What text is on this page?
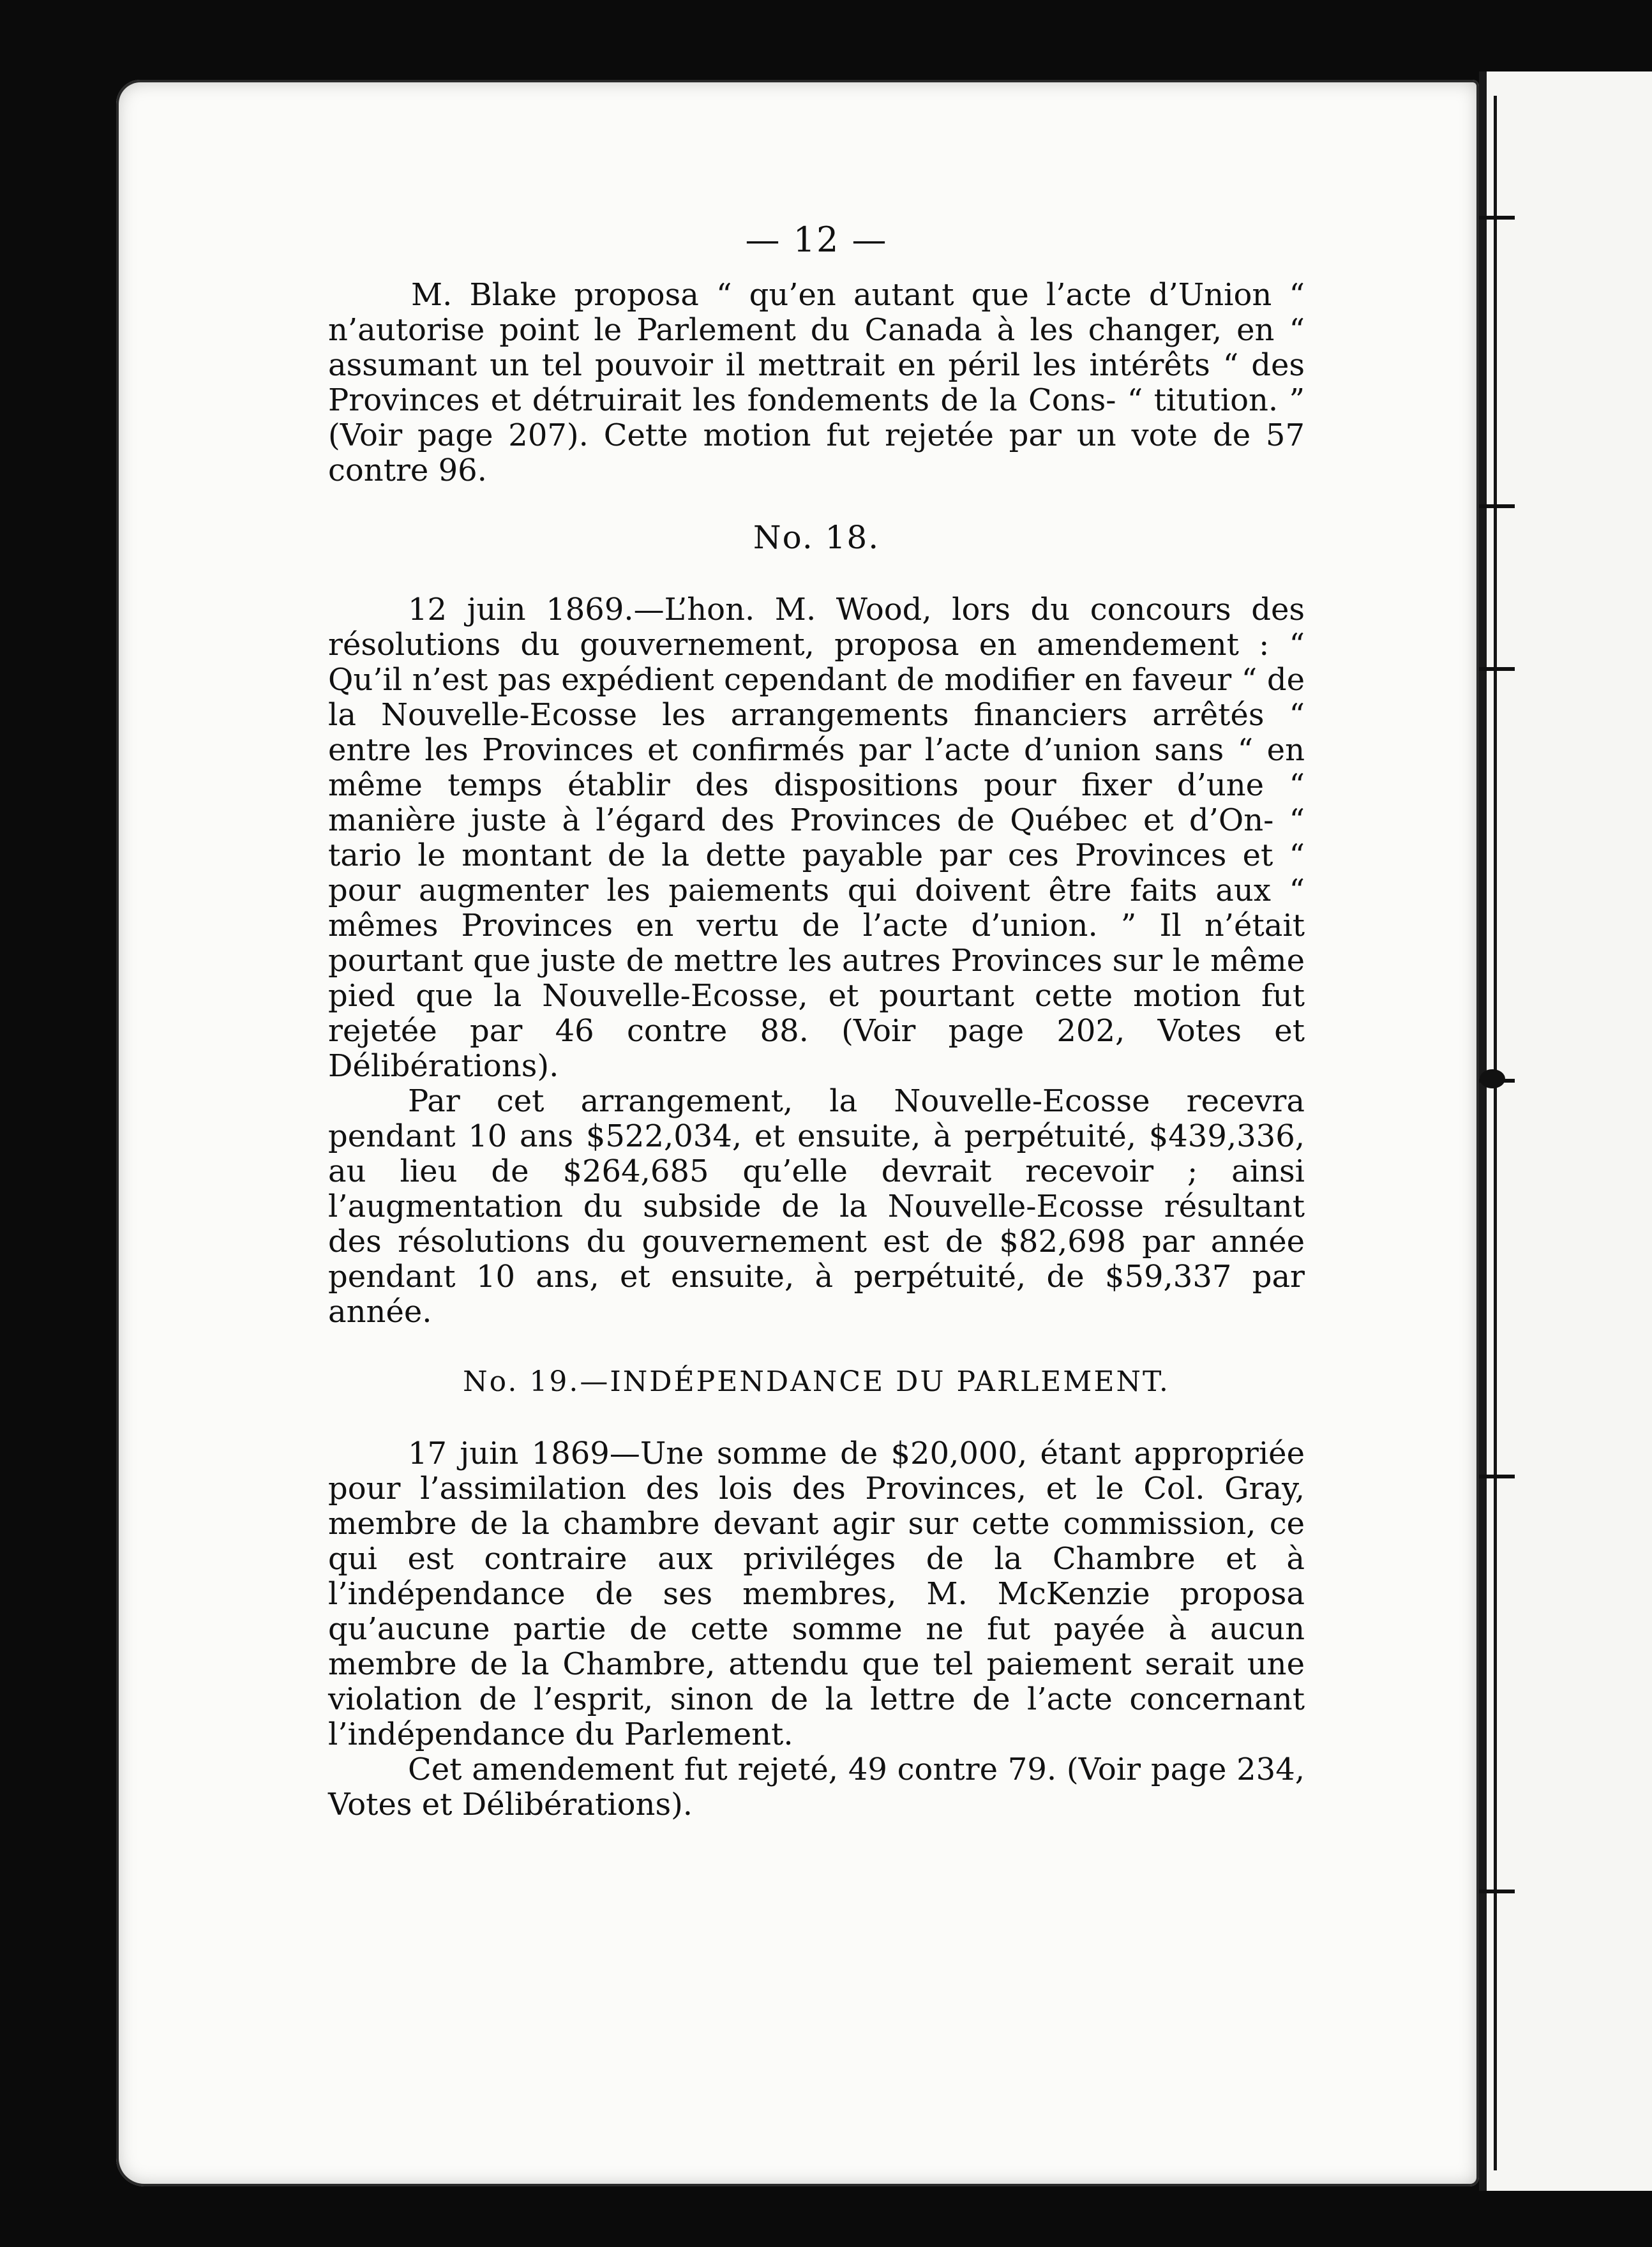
— 12 —

M. Blake proposa “ qu’en autant que l’acte d’Union “ n’autorise point le Parlement du Canada à les changer, en “ assumant un tel pouvoir il mettrait en péril les intérêts “ des Provinces et détruirait les fondements de la Cons- “ titution. ” (Voir page 207). Cette motion fut rejetée par un vote de 57 contre 96.

No. 18.

12 juin 1869.—L’hon. M. Wood, lors du concours des résolutions du gouvernement, proposa en amendement : “ Qu’il n’est pas expédient cependant de modifier en faveur “ de la Nouvelle-Ecosse les arrangements financiers arrêtés “ entre les Provinces et confirmés par l’acte d’union sans “ en même temps établir des dispositions pour fixer d’une “ manière juste à l’égard des Provinces de Québec et d’On- “ tario le montant de la dette payable par ces Provinces et “ pour augmenter les paiements qui doivent être faits aux “ mêmes Provinces en vertu de l’acte d’union. ” Il n’était pourtant que juste de mettre les autres Provinces sur le même pied que la Nouvelle-Ecosse, et pourtant cette motion fut rejetée par 46 contre 88. (Voir page 202, Votes et Délibérations).

Par cet arrangement, la Nouvelle-Ecosse recevra pendant 10 ans $522,034, et ensuite, à perpétuité, $439,336, au lieu de $264,685 qu’elle devrait recevoir ; ainsi l’augmentation du subside de la Nouvelle-Ecosse résultant des résolutions du gouvernement est de $82,698 par année pendant 10 ans, et ensuite, à perpétuité, de $59,337 par année.

No. 19.—INDÉPENDANCE DU PARLEMENT.

17 juin 1869—Une somme de $20,000, étant appropriée pour l’assimilation des lois des Provinces, et le Col. Gray, membre de la chambre devant agir sur cette commission, ce qui est contraire aux priviléges de la Chambre et à l’indépendance de ses membres, M. McKenzie proposa qu’aucune partie de cette somme ne fut payée à aucun membre de la Chambre, attendu que tel paiement serait une violation de l’esprit, sinon de la lettre de l’acte concernant l’indépendance du Parlement.

Cet amendement fut rejeté, 49 contre 79. (Voir page 234, Votes et Délibérations).
